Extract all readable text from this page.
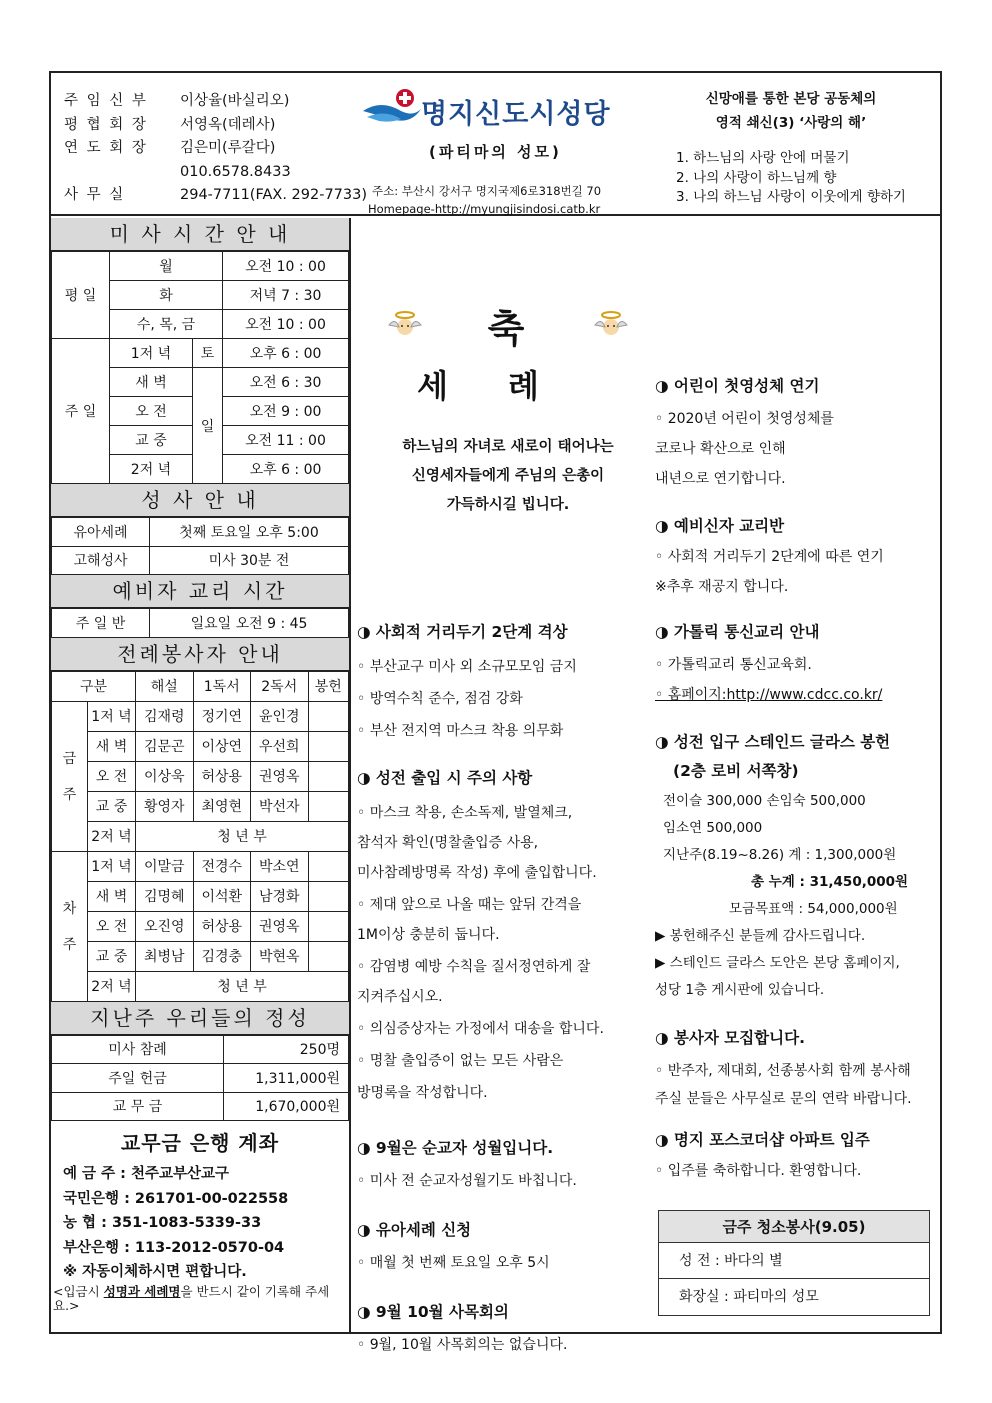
주 임 신 부	이상율(바실리오)
평 협 회 장	서영옥(데레사)
연 도 회 장	김은미(루갈다)
010.6578.8433
사 무 실	294-7711(FAX. 292-7733)
명지신도시성당
(파티마의 성모)
주소: 부산시 강서구 명지국제6로318번길 70
Homepage-http://myungjisindosi.catb.kr
신망애를 통한 본당 공동체의
영적 쇄신(3) ‘사랑의 해’
1. 하느님의 사랑 안에 머물기
2. 나의 사랑이 하느님께 향
3. 나의 하느님 사랑이 이웃에게 향하기
미 사 시 간 안 내
평 일	월		오전 10 : 00
	화		저녁 7 : 30
	수, 목, 금		오전 10 : 00
주 일	1저 녁	토	오후 6 : 00
	새 벽	일	오전 6 : 30
	오 전		오전 9 : 00
	교 중		오전 11 : 00
	2저 녁		오후 6 : 00
성 사 안 내
유아세례	첫째 토요일 오후 5:00
고해성사	미사 30분 전
예비자 교리 시간
주 일 반	일요일 오전 9 : 45
전례봉사자 안내
구분		해설	1독서	2독서	봉헌
금

주	1저 녁	김재령	정기연	윤인경	
	새 벽	김문곤	이상연	우선희	
	오 전	이상욱	허상용	권영옥	
	교 중	황영자	최영현	박선자	
	2저 녁	청 년 부			
차

주	1저 녁	이말금	전경수	박소연	
	새 벽	김명혜	이석환	남경화	
	오 전	오진영	허상용	권영옥	
	교 중	최병남	김경충	박현옥	
	2저 녁	청 년 부			
지난주 우리들의 정성
미사 참례	250명
주일 헌금	1,311,000원
교 무 금	1,670,000원
교무금 은행 계좌
예 금 주 : 천주교부산교구
국민은행 : 261701-00-022558
농 협 : 351-1083-5339-33
부산은행 : 113-2012-0570-04
※ 자동이체하시면 편합니다.
<입금시 성명과 세례명을 반드시 같이 기록해 주세요.>
축
세례
하느님의 자녀로 새로이 태어나는
신영세자들에게 주님의 은총이
가득하시길 빕니다.
◑ 사회적 거리두기 2단계 격상
◦ 부산교구 미사 외 소규모모임 금지
◦ 방역수칙 준수, 점검 강화
◦ 부산 전지역 마스크 착용 의무화
◑ 성전 출입 시 주의 사항
◦ 마스크 착용, 손소독제, 발열체크,
참석자 확인(명찰출입증 사용,
미사참례방명록 작성) 후에 출입합니다.
◦ 제대 앞으로 나올 때는 앞뒤 간격을
1M이상 충분히 둡니다.
◦ 감염병 예방 수칙을 질서정연하게 잘
지켜주십시오.
◦ 의심증상자는 가정에서 대송을 합니다.
◦ 명찰 출입증이 없는 모든 사람은
방명록을 작성합니다.
◑ 9월은 순교자 성월입니다.
◦ 미사 전 순교자성월기도 바칩니다.
◑ 유아세례 신청
◦ 매월 첫 번째 토요일 오후 5시
◑ 9월 10월 사목회의
◦ 9월, 10월 사목회의는 없습니다.
◑ 어린이 첫영성체 연기
◦ 2020년 어린이 첫영성체를
코로나 확산으로 인해
내년으로 연기합니다.
◑ 예비신자 교리반
◦ 사회적 거리두기 2단계에 따른 연기
※추후 재공지 합니다.
◑ 가톨릭 통신교리 안내
◦ 가톨릭교리 통신교육회.
◦ 홈페이지:http://www.cdcc.co.kr/
◑ 성전 입구 스테인드 글라스 봉헌
(2층 로비 서쪽창)
전이슬 300,000 손임숙 500,000
임소연 500,000
지난주(8.19~8.26) 계 : 1,300,000원
총 누계 : 31,450,000원
모금목표액 : 54,000,000원
▶ 봉헌해주신 분들께 감사드립니다.
▶ 스테인드 글라스 도안은 본당 홈페이지,
성당 1층 게시판에 있습니다.
◑ 봉사자 모집합니다.
◦ 반주자, 제대회, 선종봉사회 함께 봉사해
주실 분들은 사무실로 문의 연락 바랍니다.
◑ 명지 포스코더샵 아파트 입주
◦ 입주를 축하합니다. 환영합니다.
금주 청소봉사(9.05)
성 전 : 바다의 별
화장실 : 파티마의 성모
